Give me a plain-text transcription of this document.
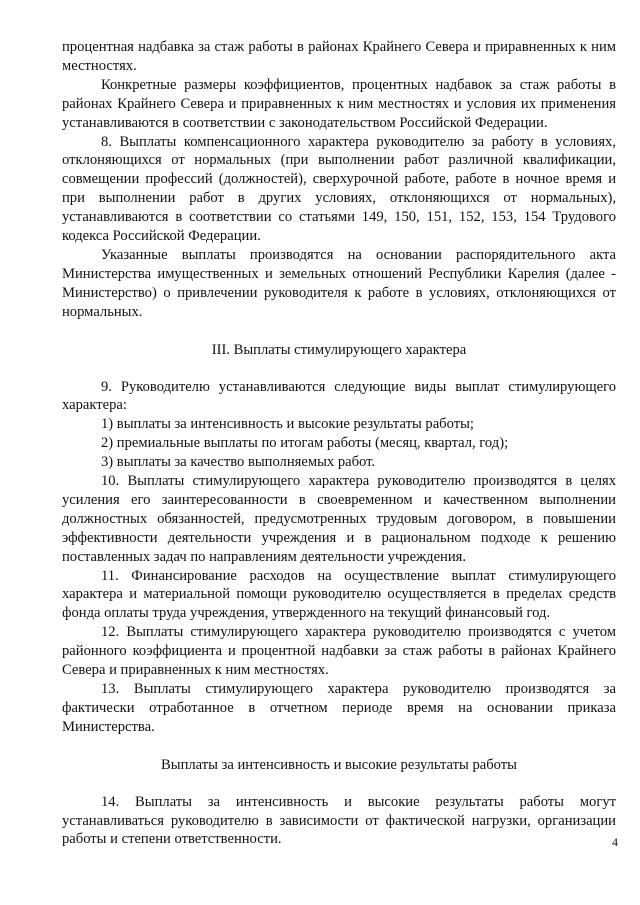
процентная надбавка за стаж работы в районах Крайнего Севера и приравненных к ним местностях.

Конкретные размеры коэффициентов, процентных надбавок за стаж работы в районах Крайнего Севера и приравненных к ним местностях и условия их применения устанавливаются в соответствии с законодательством Российской Федерации.

8. Выплаты компенсационного характера руководителю за работу в условиях, отклоняющихся от нормальных (при выполнении работ различной квалификации, совмещении профессий (должностей), сверхурочной работе, работе в ночное время и при выполнении работ в других условиях, отклоняющихся от нормальных), устанавливаются в соответствии со статьями 149, 150, 151, 152, 153, 154 Трудового кодекса Российской Федерации.

Указанные выплаты производятся на основании распорядительного акта Министерства имущественных и земельных отношений Республики Карелия (далее - Министерство) о привлечении руководителя к работе в условиях, отклоняющихся от нормальных.

III. Выплаты стимулирующего характера

9. Руководителю устанавливаются следующие виды выплат стимулирующего характера:

1) выплаты за интенсивность и высокие результаты работы;

2) премиальные выплаты по итогам работы (месяц, квартал, год);

3) выплаты за качество выполняемых работ.

10. Выплаты стимулирующего характера руководителю производятся в целях усиления его заинтересованности в своевременном и качественном выполнении должностных обязанностей, предусмотренных трудовым договором, в повышении эффективности деятельности учреждения и в рациональном подходе к решению поставленных задач по направлениям деятельности учреждения.

11. Финансирование расходов на осуществление выплат стимулирующего характера и материальной помощи руководителю осуществляется в пределах средств фонда оплаты труда учреждения, утвержденного на текущий финансовый год.

12. Выплаты стимулирующего характера руководителю производятся с учетом районного коэффициента и процентной надбавки за стаж работы в районах Крайнего Севера и приравненных к ним местностях.

13. Выплаты стимулирующего характера руководителю производятся за фактически отработанное в отчетном периоде время на основании приказа Министерства.

Выплаты за интенсивность и высокие результаты работы

14. Выплаты за интенсивность и высокие результаты работы могут устанавливаться руководителю в зависимости от фактической нагрузки, организации работы и степени ответственности.	4
